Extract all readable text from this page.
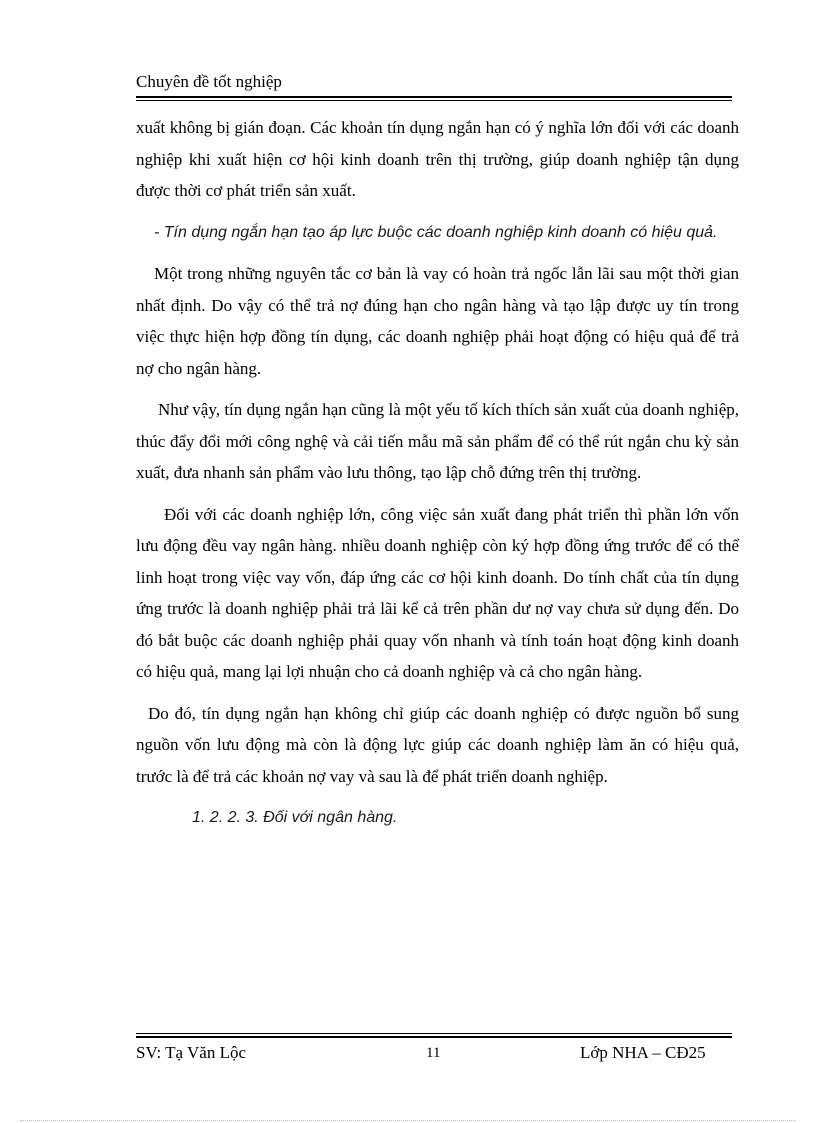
Chuyên đề tốt nghiệp

xuất không bị gián đoạn. Các khoản tín dụng ngắn hạn có ý nghĩa lớn đối với các doanh nghiệp khi xuất hiện cơ hội kinh doanh trên thị trường, giúp doanh nghiệp tận dụng được thời cơ phát triển sản xuất.

- Tín dụng ngắn hạn tạo áp lực buộc các doanh nghiệp kinh doanh có hiệu quả.

Một trong những nguyên tắc cơ bản là vay có hoàn trả ngốc lẫn lãi sau một thời gian nhất định. Do vậy có thể trả nợ đúng hạn cho ngân hàng và tạo lập được uy tín trong việc thực hiện hợp đồng tín dụng, các doanh nghiệp phải hoạt động có hiệu quả để trả nợ cho ngân hàng.

Như vậy, tín dụng ngắn hạn cũng là một yếu tố kích thích sản xuất của doanh nghiệp, thúc đẩy đổi mới công nghệ và cải tiến mẫu mã sản phẩm để có thể rút ngắn chu kỳ sản xuất, đưa nhanh sản phẩm vào lưu thông, tạo lập chỗ đứng trên thị trường.

Đối với các doanh nghiệp lớn, công việc sản xuất đang phát triển thì phần lớn vốn lưu động đều vay ngân hàng. nhiều doanh nghiệp còn ký hợp đồng ứng trước để có thể linh hoạt trong việc vay vốn, đáp ứng các cơ hội kinh doanh. Do tính chất của tín dụng ứng trước là doanh nghiệp phải trả lãi kể cả trên phần dư nợ vay chưa sử dụng đến. Do đó bắt buộc các doanh nghiệp phải quay vốn nhanh và tính toán hoạt động kinh doanh có hiệu quả, mang lại lợi nhuận cho cả doanh nghiệp và cả cho ngân hàng.

Do đó, tín dụng ngắn hạn không chỉ giúp các doanh nghiệp có được nguồn bổ sung nguồn vốn lưu động mà còn là động lực giúp các doanh nghiệp làm ăn có hiệu quả, trước là để trả các khoản nợ vay và sau là để phát triển doanh nghiệp.

1. 2. 2. 3. Đối với ngân hàng.

SV: Tạ Văn Lộc	11	Lớp NHA – CĐ25
